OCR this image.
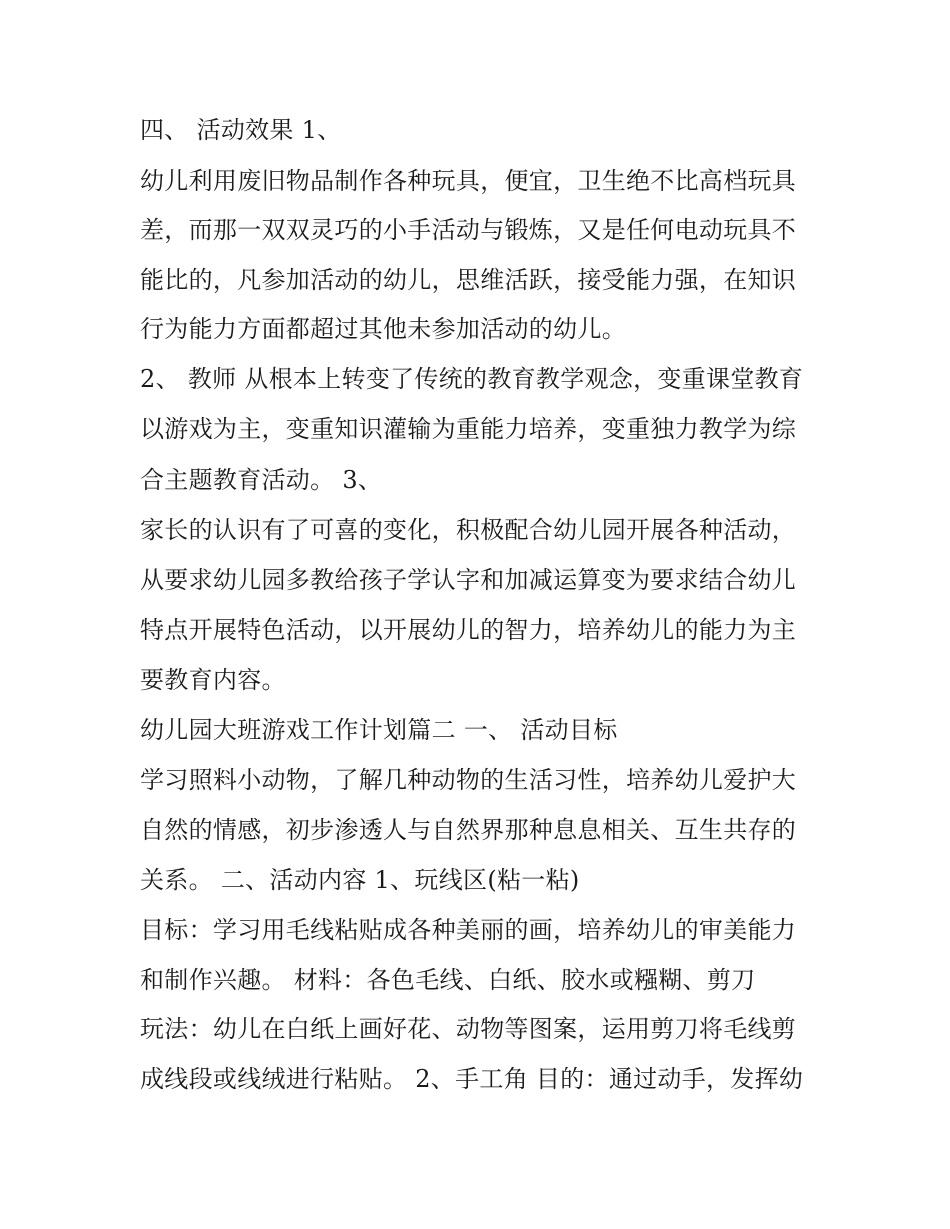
四、 活动效果 1、
幼儿利用废旧物品制作各种玩具，便宜，卫生绝不比高档玩具
差，而那一双双灵巧的小手活动与锻炼，又是任何电动玩具不
能比的，凡参加活动的幼儿，思维活跃，接受能力强，在知识
行为能力方面都超过其他未参加活动的幼儿。
2、 教师 从根本上转变了传统的教育教学观念，变重课堂教育
以游戏为主，变重知识灌输为重能力培养，变重独力教学为综
合主题教育活动。 3、
家长的认识有了可喜的变化，积极配合幼儿园开展各种活动，
从要求幼儿园多教给孩子学认字和加减运算变为要求结合幼儿
特点开展特色活动，以开展幼儿的智力，培养幼儿的能力为主
要教育内容。
幼儿园大班游戏工作计划篇二 一、 活动目标
学习照料小动物，了解几种动物的生活习性，培养幼儿爱护大
自然的情感，初步渗透人与自然界那种息息相关、互生共存的
关系。 二、活动内容 1、玩线区(粘一粘)
目标：学习用毛线粘贴成各种美丽的画，培养幼儿的审美能力
和制作兴趣。 材料：各色毛线、白纸、胶水或糨糊、剪刀
玩法：幼儿在白纸上画好花、动物等图案，运用剪刀将毛线剪
成线段或线绒进行粘贴。 2、手工角 目的：通过动手，发挥幼
